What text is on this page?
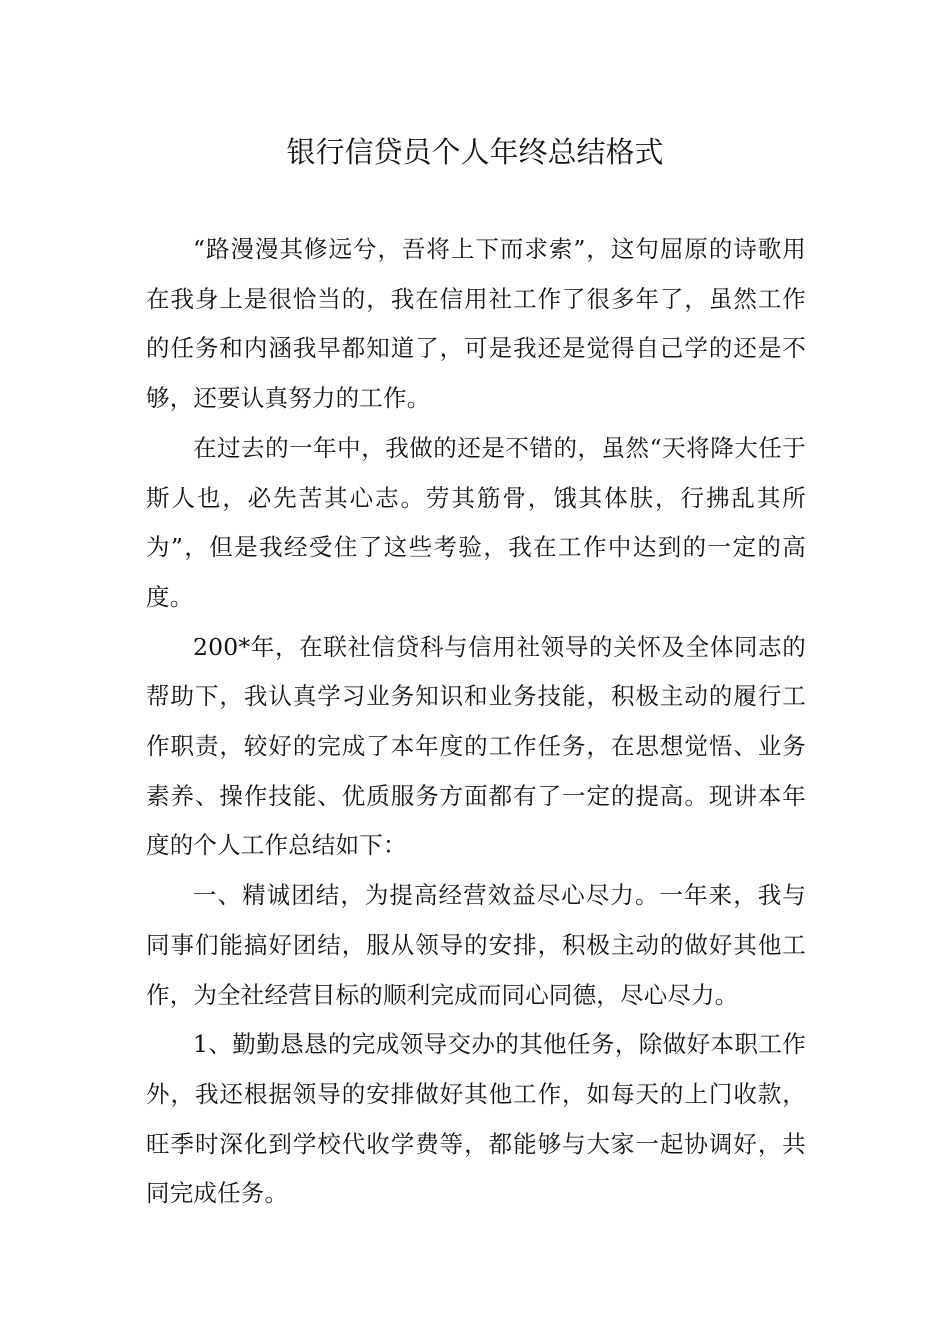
银行信贷员个人年终总结格式

“路漫漫其修远兮，吾将上下而求索”，这句屈原的诗歌用在我身上是很恰当的，我在信用社工作了很多年了，虽然工作的任务和内涵我早都知道了，可是我还是觉得自己学的还是不够，还要认真努力的工作。

在过去的一年中，我做的还是不错的，虽然“天将降大任于斯人也，必先苦其心志。劳其筋骨，饿其体肤，行拂乱其所为”，但是我经受住了这些考验，我在工作中达到的一定的高度。

200*年，在联社信贷科与信用社领导的关怀及全体同志的帮助下，我认真学习业务知识和业务技能，积极主动的履行工作职责，较好的完成了本年度的工作任务，在思想觉悟、业务素养、操作技能、优质服务方面都有了一定的提高。现讲本年度的个人工作总结如下：

一、精诚团结，为提高经营效益尽心尽力。一年来，我与同事们能搞好团结，服从领导的安排，积极主动的做好其他工作，为全社经营目标的顺利完成而同心同德，尽心尽力。

1、勤勤恳恳的完成领导交办的其他任务，除做好本职工作外，我还根据领导的安排做好其他工作，如每天的上门收款，旺季时深化到学校代收学费等，都能够与大家一起协调好，共同完成任务。
